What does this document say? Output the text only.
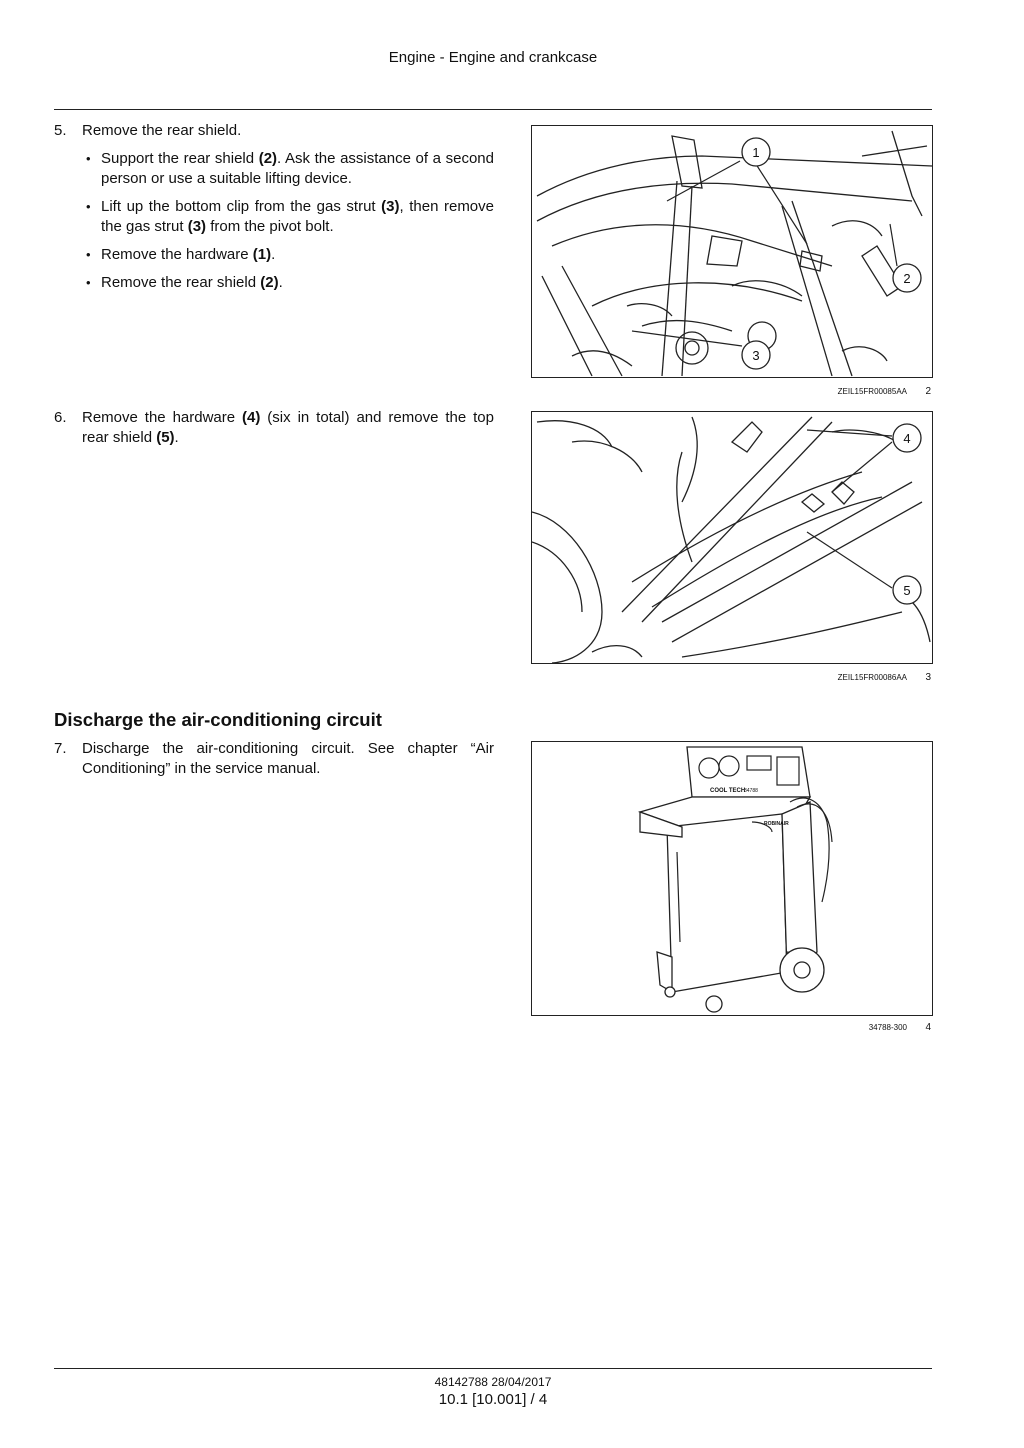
Engine - Engine and crankcase
5. Remove the rear shield.
• Support the rear shield (2). Ask the assistance of a second person or use a suitable lifting device.
• Lift up the bottom clip from the gas strut (3), then remove the gas strut (3) from the pivot bolt.
• Remove the hardware (1).
• Remove the rear shield (2).
1
2
3
ZEIL15FR00085AA 2
6. Remove the hardware (4) (six in total) and remove the top rear shield (5).	4
5
ZEIL15FR00086AA 3
Discharge the air-conditioning circuit
7. Discharge the air-conditioning circuit. See chapter “Air Conditioning” in the service manual.
COOL TECH
34788
ROBINAIR
34788-300 4
48142788 28/04/2017
10.1 [10.001] / 4
